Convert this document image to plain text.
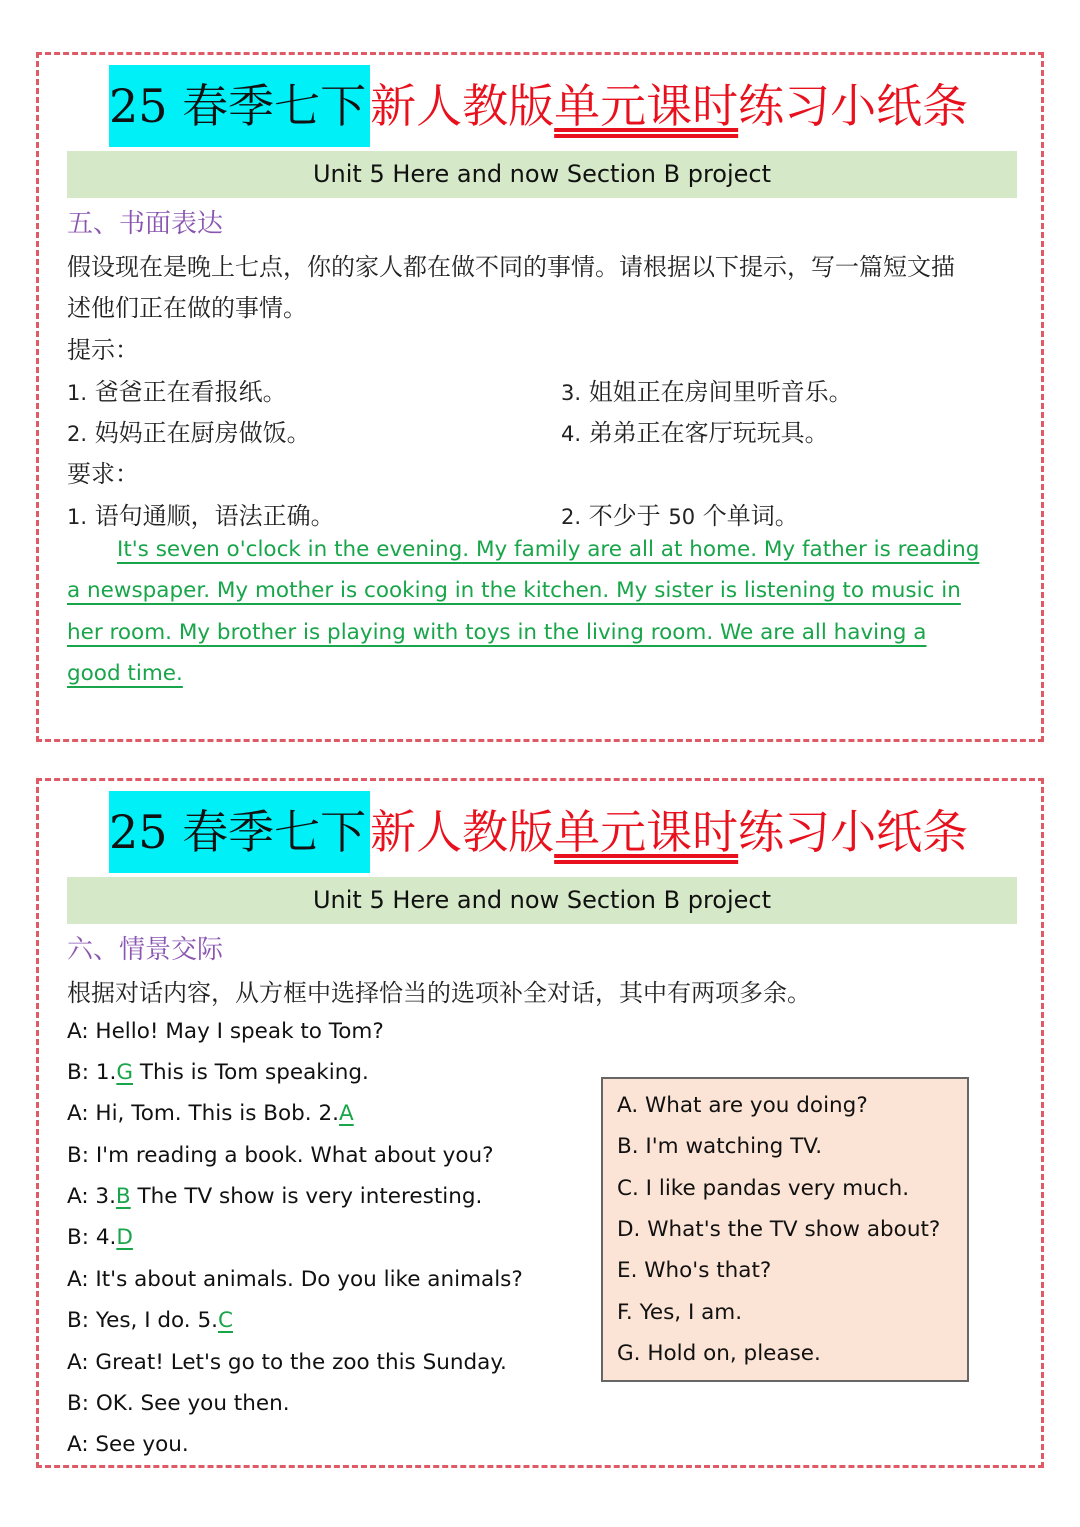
25 春季七下新人教版单元课时练习小纸条
Unit 5 Here and now Section B project
五、书面表达
假设现在是晚上七点，你的家人都在做不同的事情。请根据以下提示，写一篇短文描
述他们正在做的事情。
提示：
1. 爸爸正在看报纸。	3. 姐姐正在房间里听音乐。
2. 妈妈正在厨房做饭。	4. 弟弟正在客厅玩玩具。
要求：
1. 语句通顺，语法正确。	2. 不少于 50 个单词。
It's seven o'clock in the evening. My family are all at home. My father is reading
a newspaper. My mother is cooking in the kitchen. My sister is listening to music in
her room. My brother is playing with toys in the living room. We are all having a
good time.
25 春季七下新人教版单元课时练习小纸条
Unit 5 Here and now Section B project
六、情景交际
根据对话内容，从方框中选择恰当的选项补全对话，其中有两项多余。
A: Hello! May I speak to Tom?
B: 1.G This is Tom speaking.
A: Hi, Tom. This is Bob. 2.A
B: I'm reading a book. What about you?
A: 3.B The TV show is very interesting.
B: 4.D
A: It's about animals. Do you like animals?
B: Yes, I do. 5.C
A: Great! Let's go to the zoo this Sunday.
B: OK. See you then.
A: See you.
A. What are you doing?
B. I'm watching TV.
C. I like pandas very much.
D. What's the TV show about?
E. Who's that?
F. Yes, I am.
G. Hold on, please.
